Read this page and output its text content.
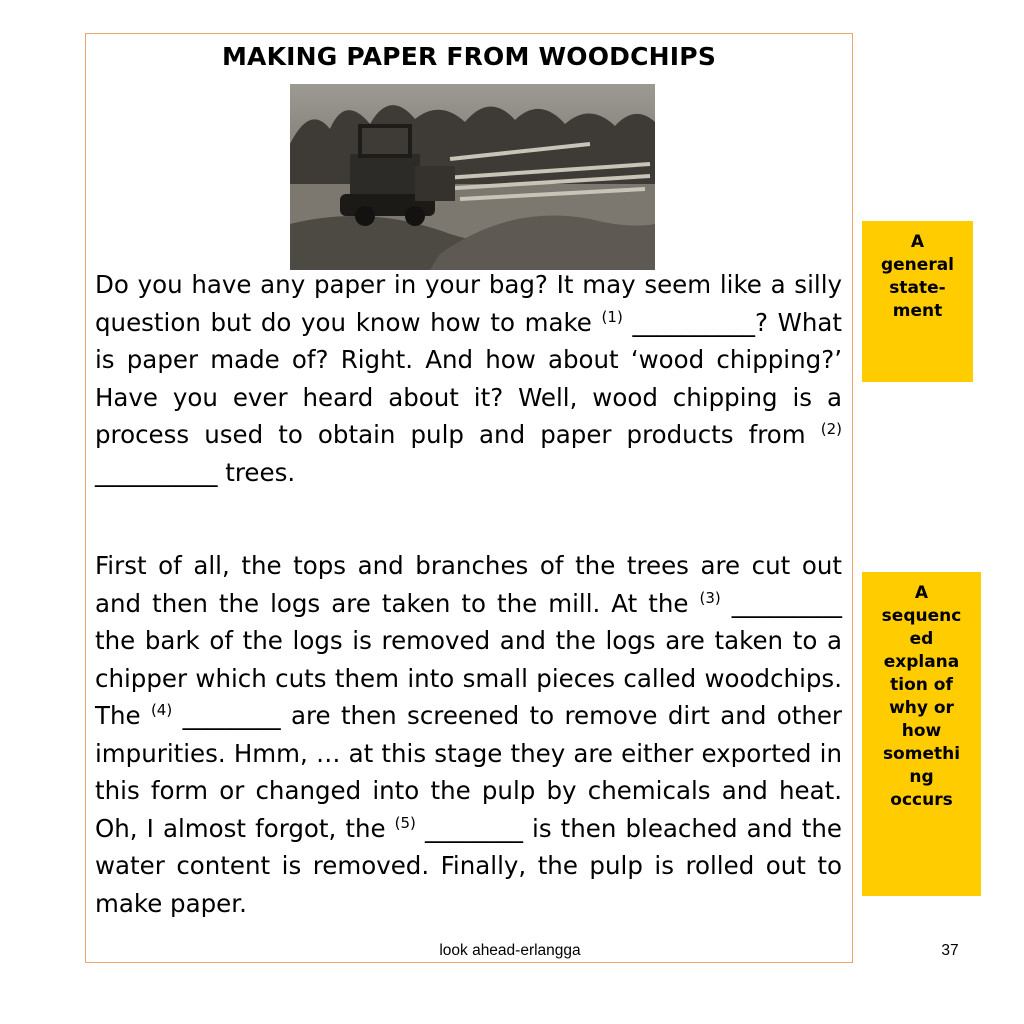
MAKING PAPER FROM WOODCHIPS

Do you have any paper in your bag? It may seem like a silly question but do you know how to make $^{(1)}$ __________? What is paper made of? Right. And how about ‘wood chipping?’ Have you ever heard about it? Well, wood chipping is a process used to obtain pulp and paper products from $^{(2)}$ __________ trees.

First of all, the tops and branches of the trees are cut out and then the logs are taken to the mill. At the $^{(3)}$ _________ the bark of the logs is removed and the logs are taken to a chipper which cuts them into small pieces called woodchips. The $^{(4)}$ ________ are then screened to remove dirt and other impurities. Hmm, … at this stage they are either exported in this form or changed into the pulp by chemicals and heat. Oh, I almost forgot, the $^{(5)}$ ________ is then bleached and the water content is removed. Finally, the pulp is rolled out to make paper.

A
general
state-
ment
A
sequenc
ed
explana
tion of
why or
how
somethi
ng
occurs
look ahead-erlangga	37
